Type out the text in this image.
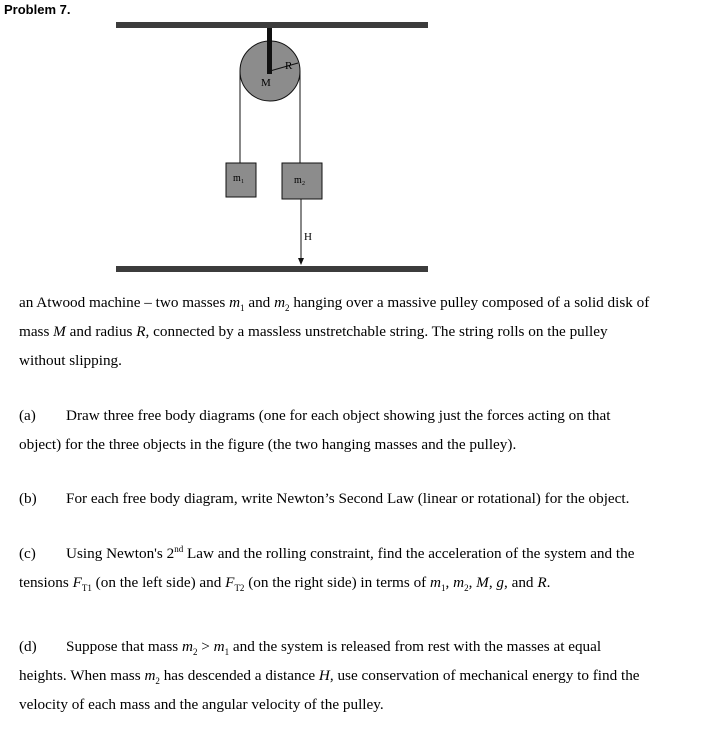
Problem 7.
M
R
m 1	m 2
H
an Atwood machine – two masses $m_1$ and $m_2$ hanging over a massive pulley composed of a solid disk of
mass M and radius R, connected by a massless unstretchable string. The string rolls on the pulley
without slipping.
(a) Draw three free body diagrams (one for each object showing just the forces acting on that
object) for the three objects in the figure (the two hanging masses and the pulley).
(b) For each free body diagram, write Newton’s Second Law (linear or rotational) for the object.
(c) Using Newton's 2nd Law and the rolling constraint, find the acceleration of the system and the
tensions $F_{T1}$ (on the left side) and $F_{T2}$ (on the right side) in terms of $m_1$, $m_2$, M, g, and R.
(d) Suppose that mass $m_2 > m_1$ and the system is released from rest with the masses at equal
heights. When mass $m_2$ has descended a distance H, use conservation of mechanical energy to find the
velocity of each mass and the angular velocity of the pulley.
